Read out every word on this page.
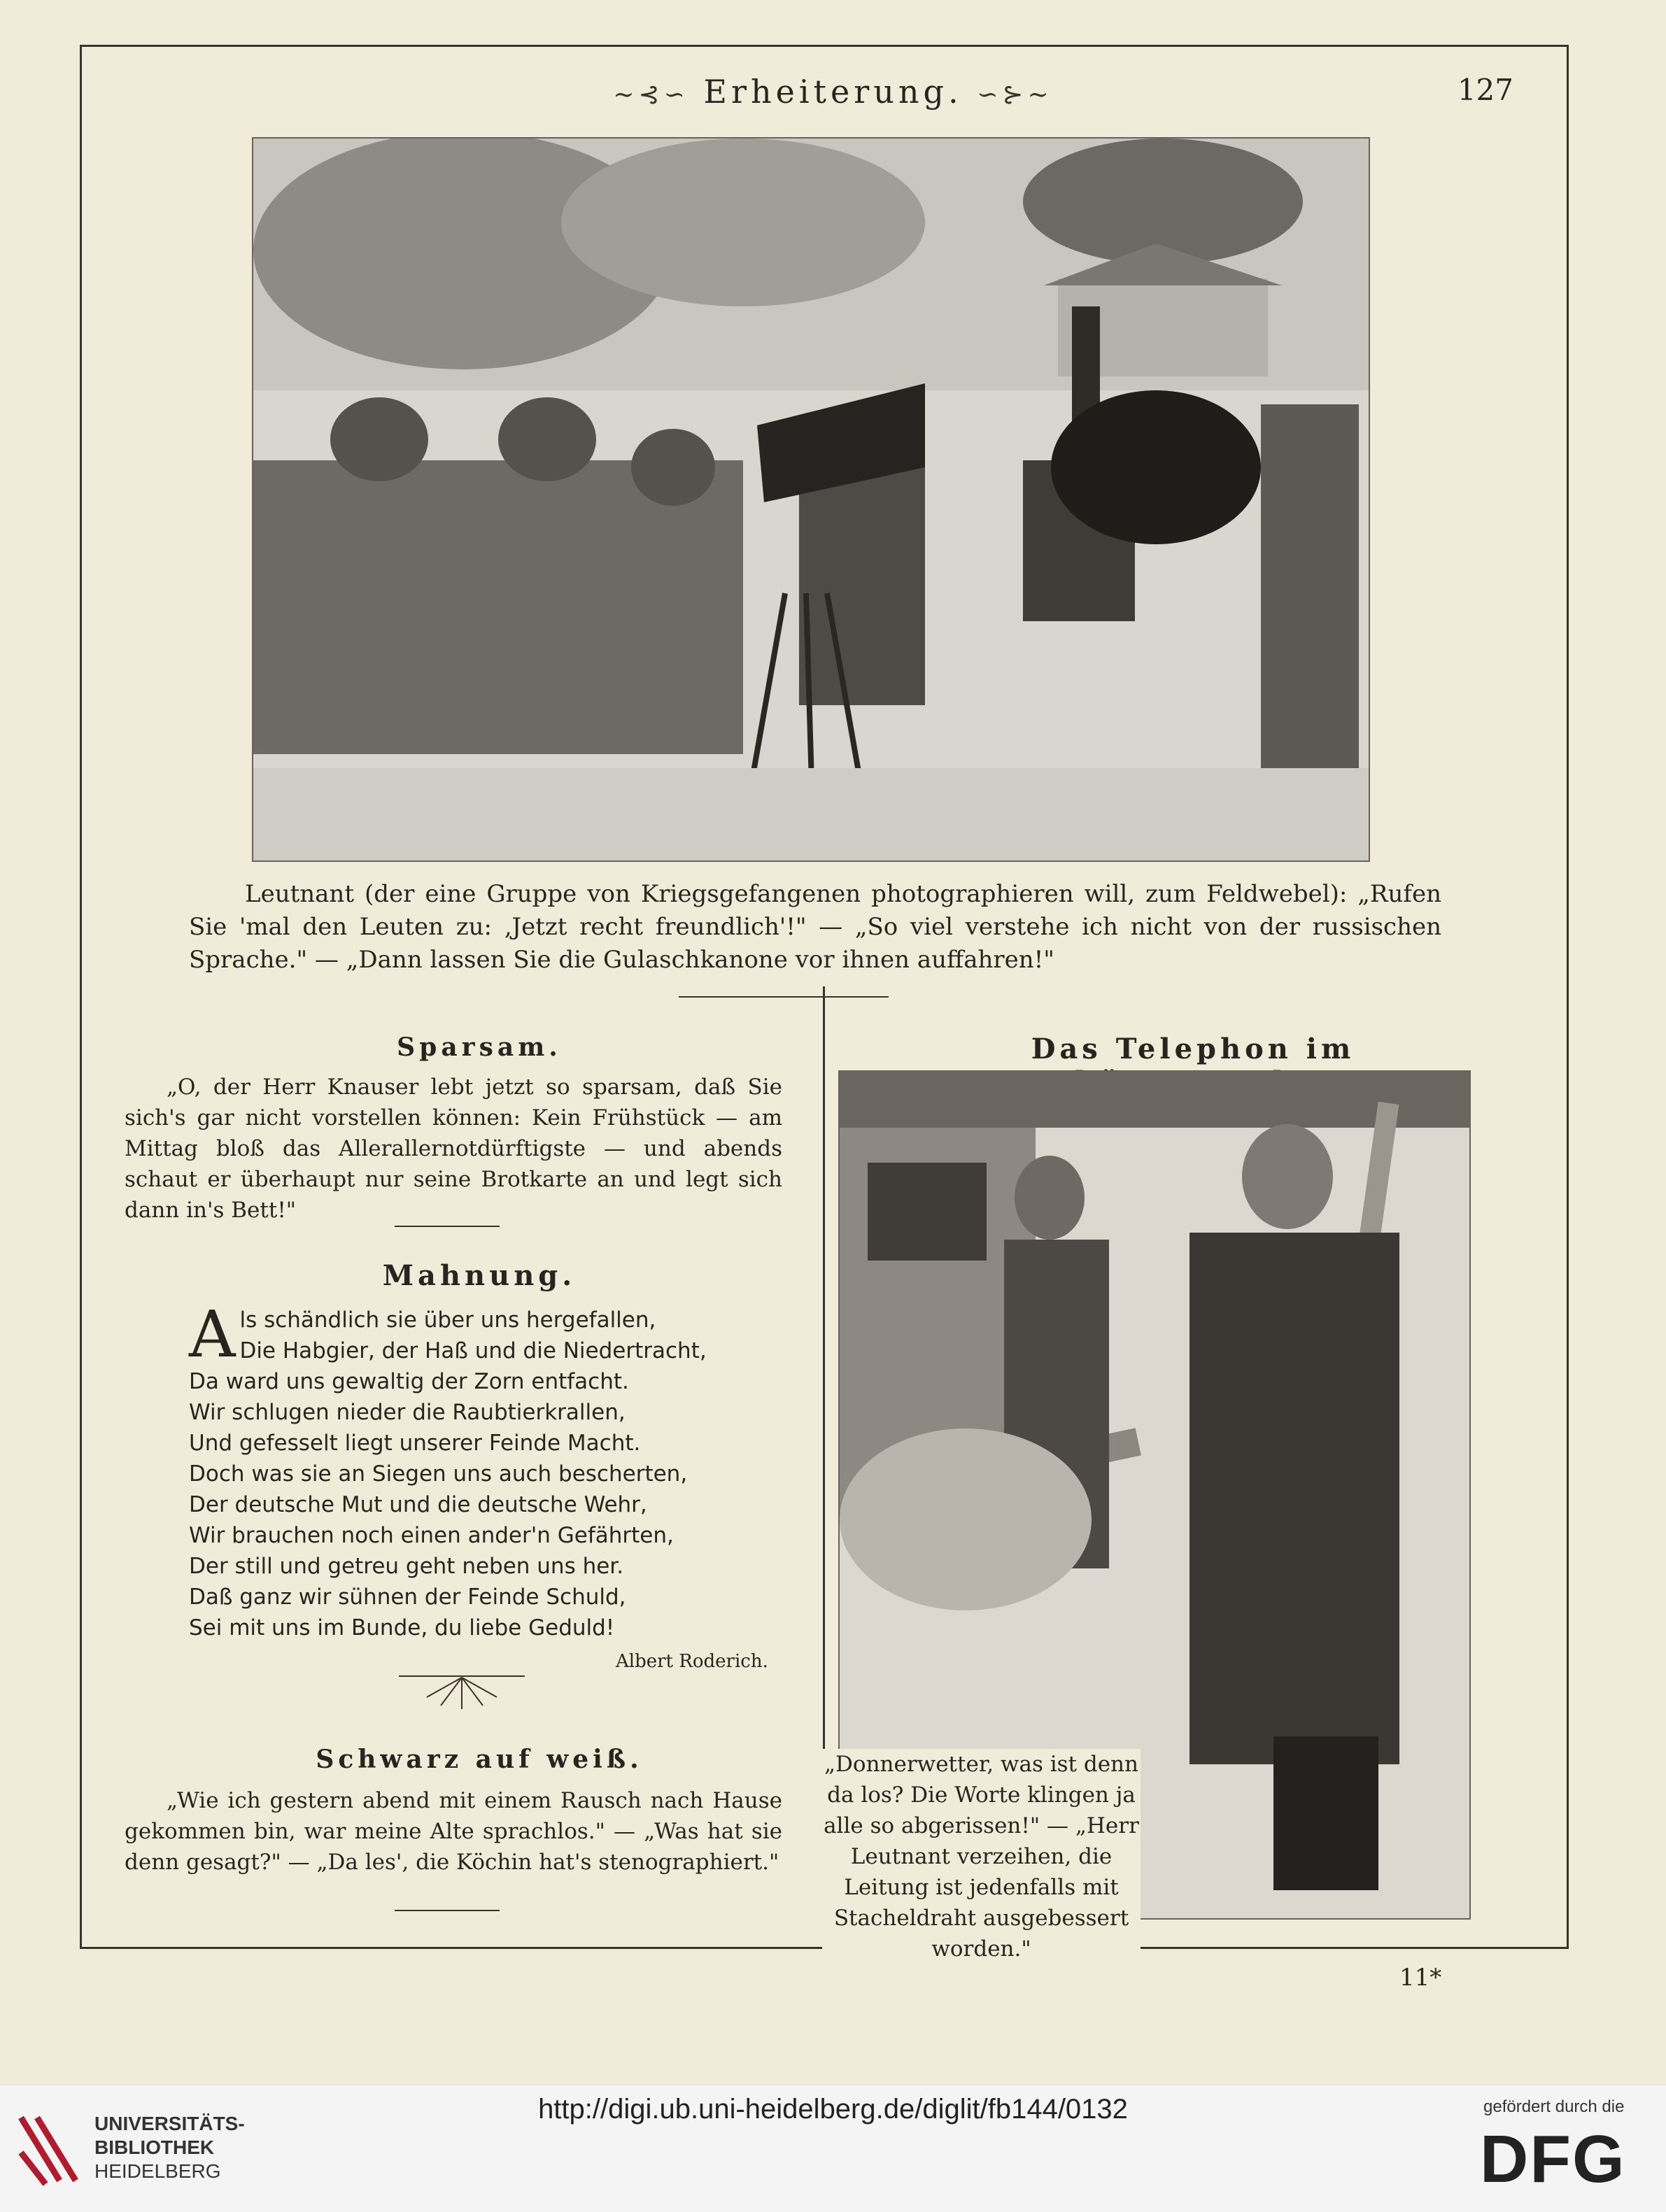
~⊰∽ Erheiterung. ∽⊱~	127
Leutnant (der eine Gruppe von Kriegsgefangenen photographieren will, zum Feldwebel): „Rufen Sie 'mal den Leuten zu: ‚Jetzt recht freundlich'!" — „So viel verstehe ich nicht von der russischen Sprache." — „Dann lassen Sie die Gulaschkanone vor ihnen auffahren!"
Sparsam.
„O, der Herr Knauser lebt jetzt so sparsam, daß Sie sich's gar nicht vorstellen können: Kein Frühstück — am Mittag bloß das Allerallernotdürftigste — und abends schaut er überhaupt nur seine Brotkarte an und legt sich dann in's Bett!"
Mahnung.
A ls schändlich sie über uns hergefallen,
Die Habgier, der Haß und die Niedertracht,
Da ward uns gewaltig der Zorn entfacht.
Wir schlugen nieder die Raubtierkrallen,
Und gefesselt liegt unserer Feinde Macht.
Doch was sie an Siegen uns auch bescherten,
Der deutsche Mut und die deutsche Wehr,
Wir brauchen noch einen ander'n Gefährten,
Der still und getreu geht neben uns her.
Daß ganz wir sühnen der Feinde Schuld,
Sei mit uns im Bunde, du liebe Geduld!
Albert Roderich.
Schwarz auf weiß.
„Wie ich gestern abend mit einem Rausch nach Hause gekommen bin, war meine Alte sprachlos." — „Was hat sie denn gesagt?" — „Da les', die Köchin hat's stenographiert."
Das Telephon im
„Donnerwetter, was ist denn da los? Die Worte klingen ja alle so abgerissen!" — „Herr Leutnant verzeihen, die Leitung ist jedenfalls mit Stacheldraht ausgebessert worden."
11*
UNIVERSITÄTS-
BIBLIOTHEK
HEIDELBERG
http://digi.ub.uni-heidelberg.de/diglit/fb144/0132	gefördert durch die
DFG
